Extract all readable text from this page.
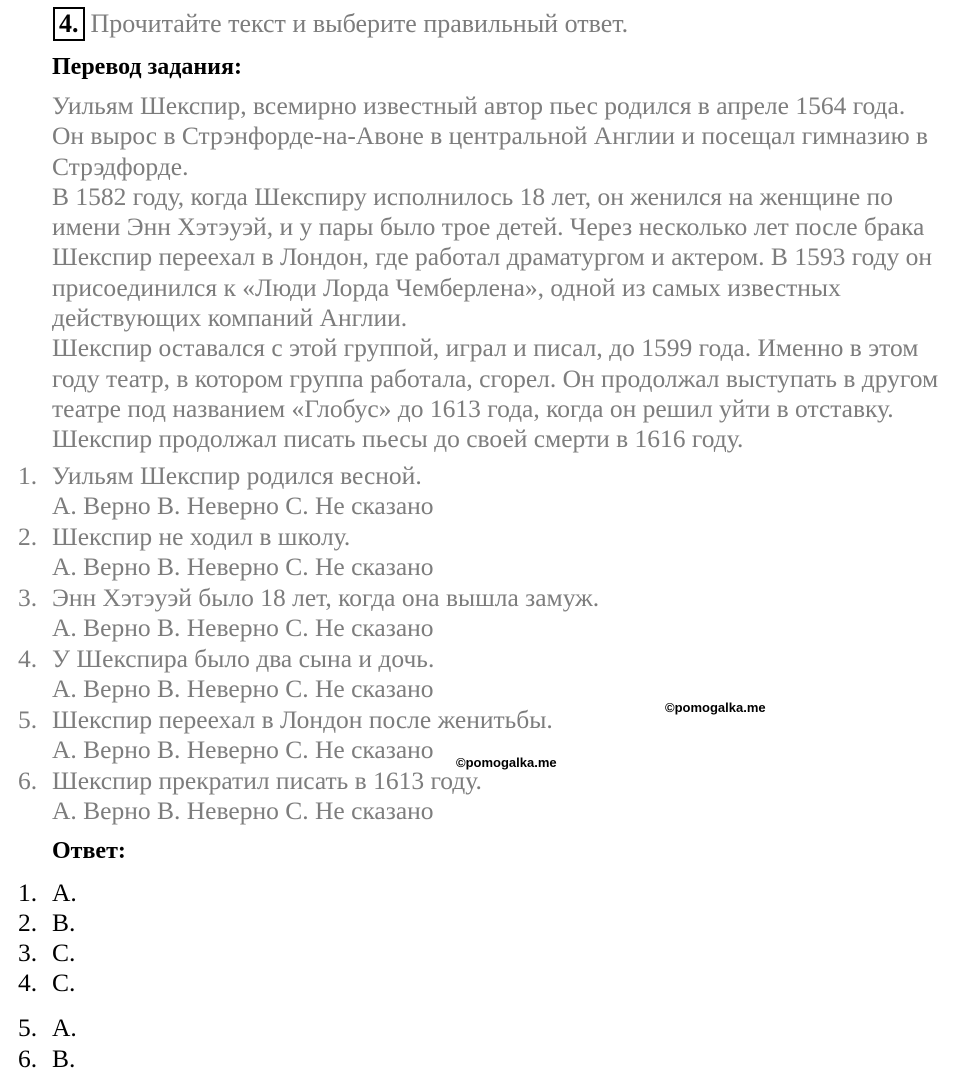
4. Прочитайте текст и выберите правильный ответ.
Перевод задания:

Уильям Шекспир, всемирно известный автор пьес родился в апреле 1564 года. Он вырос в Стрэнфорде-на-Авоне в центральной Англии и посещал гимназию в Стрэдфорде.

В 1582 году, когда Шекспиру исполнилось 18 лет, он женился на женщине по имени Энн Хэтэуэй, и у пары было трое детей. Через несколько лет после брака Шекспир переехал в Лондон, где работал драматургом и актером. В 1593 году он присоединился к «Люди Лорда Чемберлена», одной из самых известных действующих компаний Англии.

Шекспир оставался с этой группой, играл и писал, до 1599 года. Именно в этом году театр, в котором группа работала, сгорел. Он продолжал выступать в другом театре под названием «Глобус» до 1613 года, когда он решил уйти в отставку. Шекспир продолжал писать пьесы до своей смерти в 1616 году.

1. Уильям Шекспир родился весной.
A. Верно B. Неверно C. Не сказано
2. Шекспир не ходил в школу.
A. Верно B. Неверно C. Не сказано
3. Энн Хэтэуэй было 18 лет, когда она вышла замуж.
A. Верно B. Неверно C. Не сказано
4. У Шекспира было два сына и дочь.
A. Верно B. Неверно C. Не сказано
5. Шекспир переехал в Лондон после женитьбы.
A. Верно B. Неверно C. Не сказано
6. Шекспир прекратил писать в 1613 году.
A. Верно B. Неверно C. Не сказано
Ответ:
1. A.
2. B.
3. C.
4. C.
5. A.
6. B.
©pomogalka.me
©pomogalka.me
